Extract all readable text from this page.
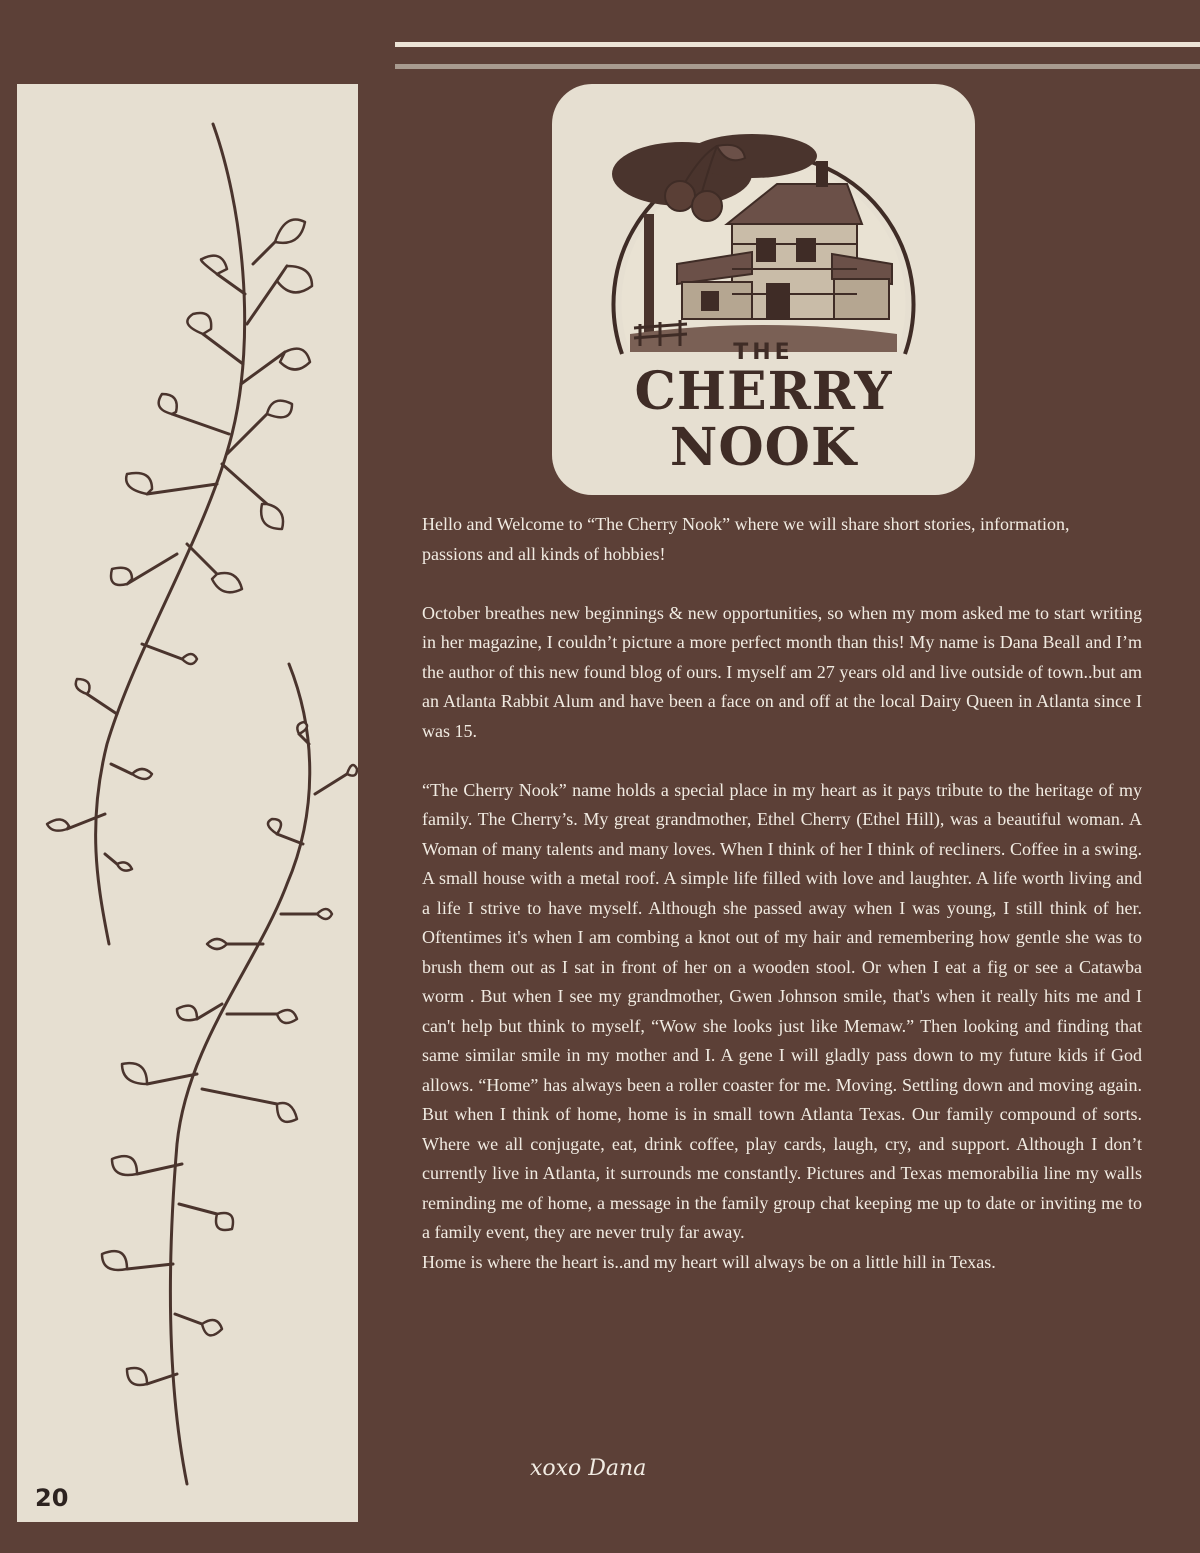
20
THE
CHERRY
NOOK

Hello and Welcome to “The Cherry Nook” where we will share short stories, information, passions and all kinds of hobbies!

October breathes new beginnings & new opportunities, so when my mom asked me to start writing in her magazine, I couldn’t picture a more perfect month than this! My name is Dana Beall and I’m the author of this new found blog of ours. I myself am 27 years old and live outside of town..but am an Atlanta Rabbit Alum and have been a face on and off at the local Dairy Queen in Atlanta since I was 15.

“The Cherry Nook” name holds a special place in my heart as it pays tribute to the heritage of my family. The Cherry’s. My great grandmother, Ethel Cherry (Ethel Hill), was a beautiful woman. A Woman of many talents and many loves. When I think of her I think of recliners. Coffee in a swing. A small house with a metal roof. A simple life filled with love and laughter. A life worth living and a life I strive to have myself. Although she passed away when I was young, I still think of her. Oftentimes it's when I am combing a knot out of my hair and remembering how gentle she was to brush them out as I sat in front of her on a wooden stool. Or when I eat a fig or see a Catawba worm . But when I see my grandmother, Gwen Johnson smile, that's when it really hits me and I can't help but think to myself, “Wow she looks just like Memaw.” Then looking and finding that same similar smile in my mother and I. A gene I will gladly pass down to my future kids if God allows. “Home” has always been a roller coaster for me. Moving. Settling down and moving again. But when I think of home, home is in small town Atlanta Texas. Our family compound of sorts. Where we all conjugate, eat, drink coffee, play cards, laugh, cry, and support. Although I don’t currently live in Atlanta, it surrounds me constantly. Pictures and Texas memorabilia line my walls reminding me of home, a message in the family group chat keeping me up to date or inviting me to a family event, they are never truly far away.

Home is where the heart is..and my heart will always be on a little hill in Texas.

xoxo Dana
